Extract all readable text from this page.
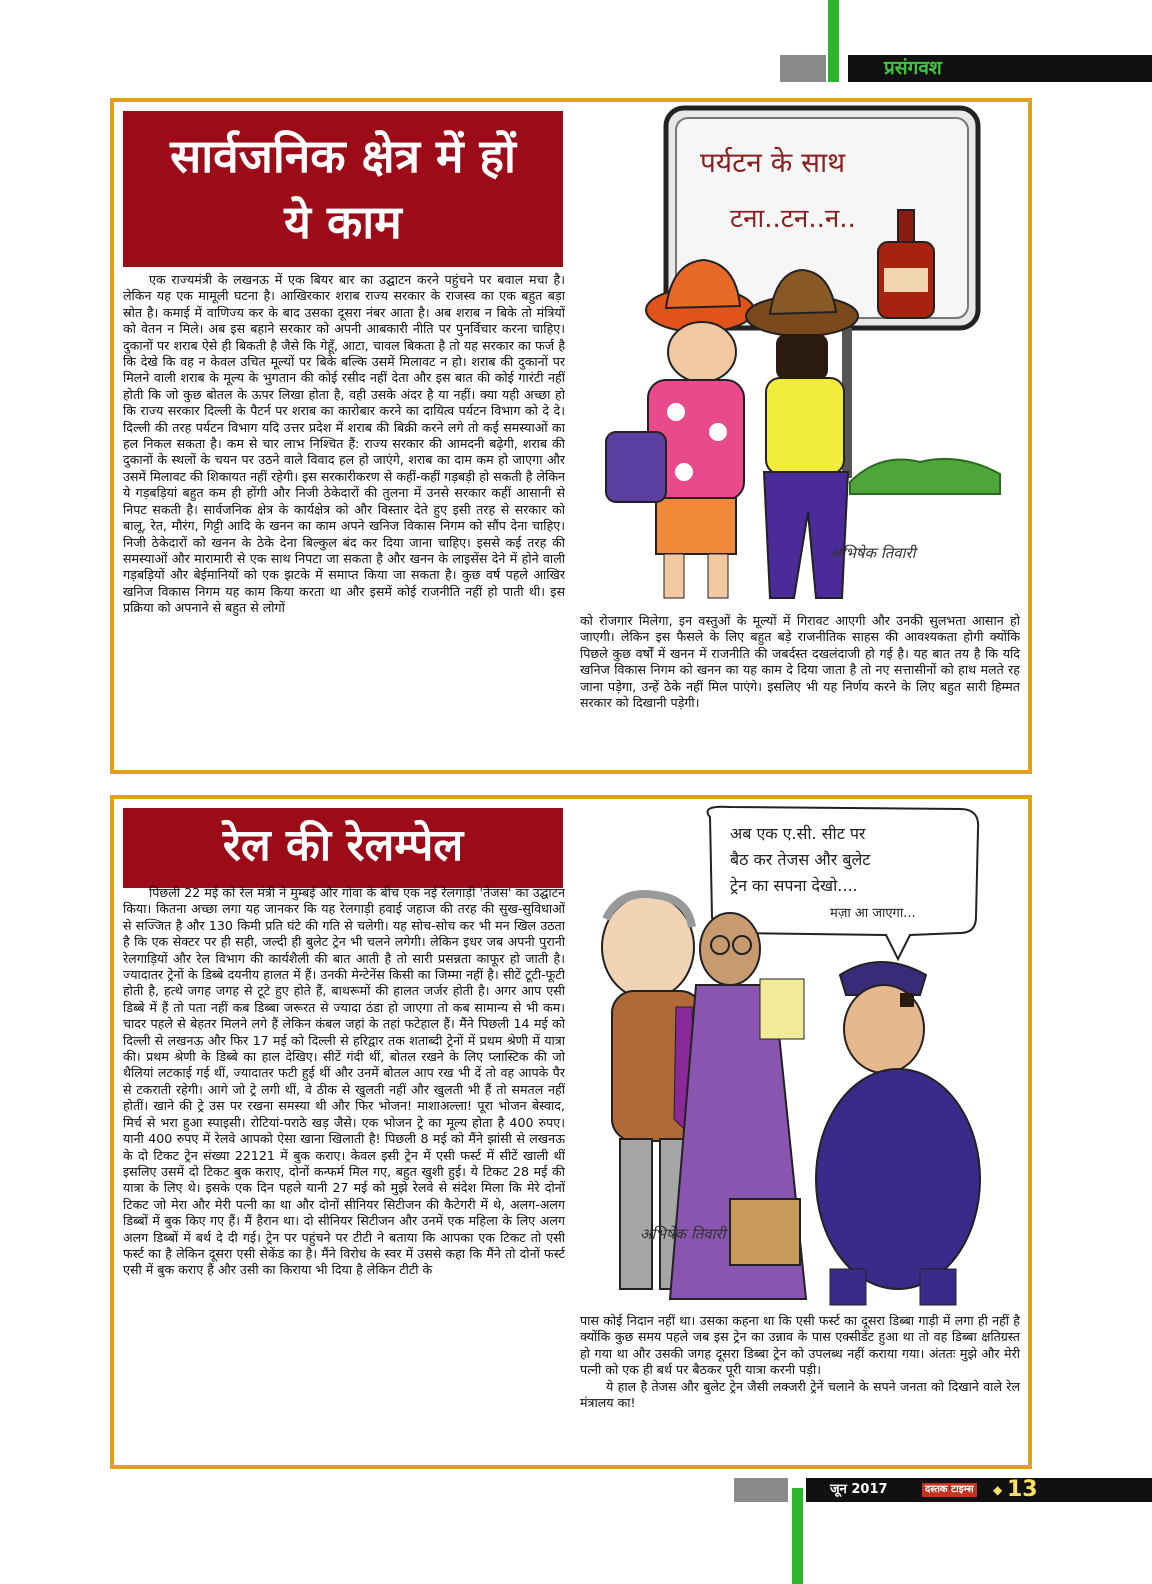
प्रसंगवश
सार्वजनिक क्षेत्र में हों
ये काम

एक राज्यमंत्री के लखनऊ में एक बियर बार का उद्घाटन करने पहुंचने पर बवाल मचा है। लेकिन यह एक मामूली घटना है। आखिरकार शराब राज्य सरकार के राजस्व का एक बहुत बड़ा स्रोत है। कमाई में वाणिज्य कर के बाद उसका दूसरा नंबर आता है। अब शराब न बिके तो मंत्रियों को वेतन न मिले। अब इस बहाने सरकार को अपनी आबकारी नीति पर पुनर्विचार करना चाहिए। दुकानों पर शराब ऐसे ही बिकती है जैसे कि गेहूँ, आटा, चावल बिकता है तो यह सरकार का फर्ज है कि देखे कि वह न केवल उचित मूल्यों पर बिके बल्कि उसमें मिलावट न हो। शराब की दुकानों पर मिलने वाली शराब के मूल्य के भुगतान की कोई रसीद नहीं देता और इस बात की कोई गारंटी नहीं होती कि जो कुछ बोतल के ऊपर लिखा होता है, वही उसके अंदर है या नहीं। क्या यही अच्छा हो कि राज्य सरकार दिल्ली के पैटर्न पर शराब का कारोबार करने का दायित्व पर्यटन विभाग को दे दे। दिल्ली की तरह पर्यटन विभाग यदि उत्तर प्रदेश में शराब की बिक्री करने लगे तो कई समस्याओं का हल निकल सकता है। कम से चार लाभ निश्चित हैं: राज्य सरकार की आमदनी बढ़ेगी, शराब की दुकानों के स्थलों के चयन पर उठने वाले विवाद हल हो जाएंगे, शराब का दाम कम हो जाएगा और उसमें मिलावट की शिकायत नहीं रहेगी। इस सरकारीकरण से कहीं-कहीं गड़बड़ी हो सकती है लेकिन ये गड़बड़ियां बहुत कम ही होंगी और निजी ठेकेदारों की तुलना में उनसे सरकार कहीं आसानी से निपट सकती है। सार्वजनिक क्षेत्र के कार्यक्षेत्र को और विस्तार देते हुए इसी तरह से सरकार को बालू, रेत, मौरंग, गिट्टी आदि के खनन का काम अपने खनिज विकास निगम को सौंप देना चाहिए। निजी ठेकेदारों को खनन के ठेके देना बिल्कुल बंद कर दिया जाना चाहिए। इससे कई तरह की समस्याओं और मारामारी से एक साथ निपटा जा सकता है और खनन के लाइसेंस देने में होने वाली गड़बड़ियों और बेईमानियों को एक झटके में समाप्त किया जा सकता है। कुछ वर्ष पहले आखिर खनिज विकास निगम यह काम किया करता था और इसमें कोई राजनीति नहीं हो पाती थी। इस प्रक्रिया को अपनाने से बहुत से लोगों

पर्यटन के साथ
टना..टन..न..
अभिषेक तिवारी

को रोजगार मिलेगा, इन वस्तुओं के मूल्यों में गिरावट आएगी और उनकी सुलभता आसान हो जाएगी। लेकिन इस फैसले के लिए बहुत बड़े राजनीतिक साहस की आवश्यकता होगी क्योंकि पिछले कुछ वर्षों में खनन में राजनीति की जबर्दस्त दखलंदाजी हो गई है। यह बात तय है कि यदि खनिज विकास निगम को खनन का यह काम दे दिया जाता है तो नए सत्तासीनों को हाथ मलते रह जाना पड़ेगा, उन्हें ठेके नहीं मिल पाएंगे। इसलिए भी यह निर्णय करने के लिए बहुत सारी हिम्मत सरकार को दिखानी पड़ेगी।

रेल की रेलम्पेल

पिछली 22 मई को रेल मंत्री ने मुम्बई और गोवा के बीच एक नई रेलगाड़ी 'तेजस' का उद्घाटन किया। कितना अच्छा लगा यह जानकर कि यह रेलगाड़ी हवाई जहाज की तरह की सुख-सुविधाओं से सज्जित है और 130 किमी प्रति घंटे की गति से चलेगी। यह सोच-सोच कर भी मन खिल उठता है कि एक सेक्टर पर ही सही, जल्दी ही बुलेट ट्रेन भी चलने लगेगी। लेकिन इधर जब अपनी पुरानी रेलगाड़ियों और रेल विभाग की कार्यशैली की बात आती है तो सारी प्रसन्नता काफूर हो जाती है। ज्यादातर ट्रेनों के डिब्बे दयनीय हालत में हैं। उनकी मेन्टेनेंस किसी का जिम्मा नहीं है। सीटें टूटी-फूटी होती है, हत्थे जगह जगह से टूटे हुए होते हैं, बाथरूमों की हालत जर्जर होती है। अगर आप एसी डिब्बे में हैं तो पता नहीं कब डिब्बा जरूरत से ज्यादा ठंडा हो जाएगा तो कब सामान्य से भी कम। चादर पहले से बेहतर मिलने लगे हैं लेकिन कंबल जहां के तहां फटेहाल हैं। मैंने पिछली 14 मई को दिल्ली से लखनऊ और फिर 17 मई को दिल्ली से हरिद्वार तक शताब्दी ट्रेनों में प्रथम श्रेणी में यात्रा की। प्रथम श्रेणी के डिब्बे का हाल देखिए। सीटें गंदी थीं, बोतल रखने के लिए प्लास्टिक की जो थैलियां लटकाई गई थीं, ज्यादातर फटी हुई थीं और उनमें बोतल आप रख भी दें तो वह आपके पैर से टकराती रहेगी। आगे जो ट्रे लगी थीं, वे ठीक से खुलती नहीं और खुलती भी हैं तो समतल नहीं होतीं। खाने की ट्रे उस पर रखना समस्या थी और फिर भोजन! माशाअल्ला! पूरा भोजन बेस्वाद, मिर्च से भरा हुआ स्पाइसी। रोटियां-पराठे खड़ जैसे। एक भोजन ट्रे का मूल्य होता है 400 रुपए। यानी 400 रुपए में रेलवे आपको ऐसा खाना खिलाती है! पिछली 8 मई को मैंने झांसी से लखनऊ के दो टिकट ट्रेन संख्या 22121 में बुक कराए। केवल इसी ट्रेन में एसी फर्स्ट में सीटें खाली थीं इसलिए उसमें दो टिकट बुक कराए, दोनों कन्फर्म मिल गए, बहुत खुशी हुई। ये टिकट 28 मई की यात्रा के लिए थे। इसके एक दिन पहले यानी 27 मई को मुझे रेलवे से संदेश मिला कि मेरे दोनों टिकट जो मेरा और मेरी पत्नी का था और दोनों सीनियर सिटीजन की कैटेगरी में थे, अलग-अलग डिब्बों में बुक किए गए हैं। मैं हैरान था। दो सीनियर सिटीजन और उनमें एक महिला के लिए अलग अलग डिब्बों में बर्थ दे दी गई। ट्रेन पर पहुंचने पर टीटी ने बताया कि आपका एक टिकट तो एसी फर्स्ट का है लेकिन दूसरा एसी सेकेंड का है। मैंने विरोध के स्वर में उससे कहा कि मैंने तो दोनों फर्स्ट एसी में बुक कराए हैं और उसी का किराया भी दिया है लेकिन टीटी के

अब एक ए.सी. सीट पर
बैठ कर तेजस और बुलेट
ट्रेन का सपना देखो....
मज़ा आ जाएगा...
अभिषेक तिवारी

पास कोई निदान नहीं था। उसका कहना था कि एसी फर्स्ट का दूसरा डिब्बा गाड़ी में लगा ही नहीं है क्योंकि कुछ समय पहले जब इस ट्रेन का उन्नाव के पास एक्सीडेंट हुआ था तो वह डिब्बा क्षतिग्रस्त हो गया था और उसकी जगह दूसरा डिब्बा ट्रेन को उपलब्ध नहीं कराया गया। अंततः मुझे और मेरी पत्नी को एक ही बर्थ पर बैठकर पूरी यात्रा करनी पड़ी।

ये हाल है तेजस और बुलेट ट्रेन जैसी लक्जरी ट्रेनें चलाने के सपने जनता को दिखाने वाले रेल मंत्रालय का!

जून 2017	दस्तक टाइम्स ◆ 13
